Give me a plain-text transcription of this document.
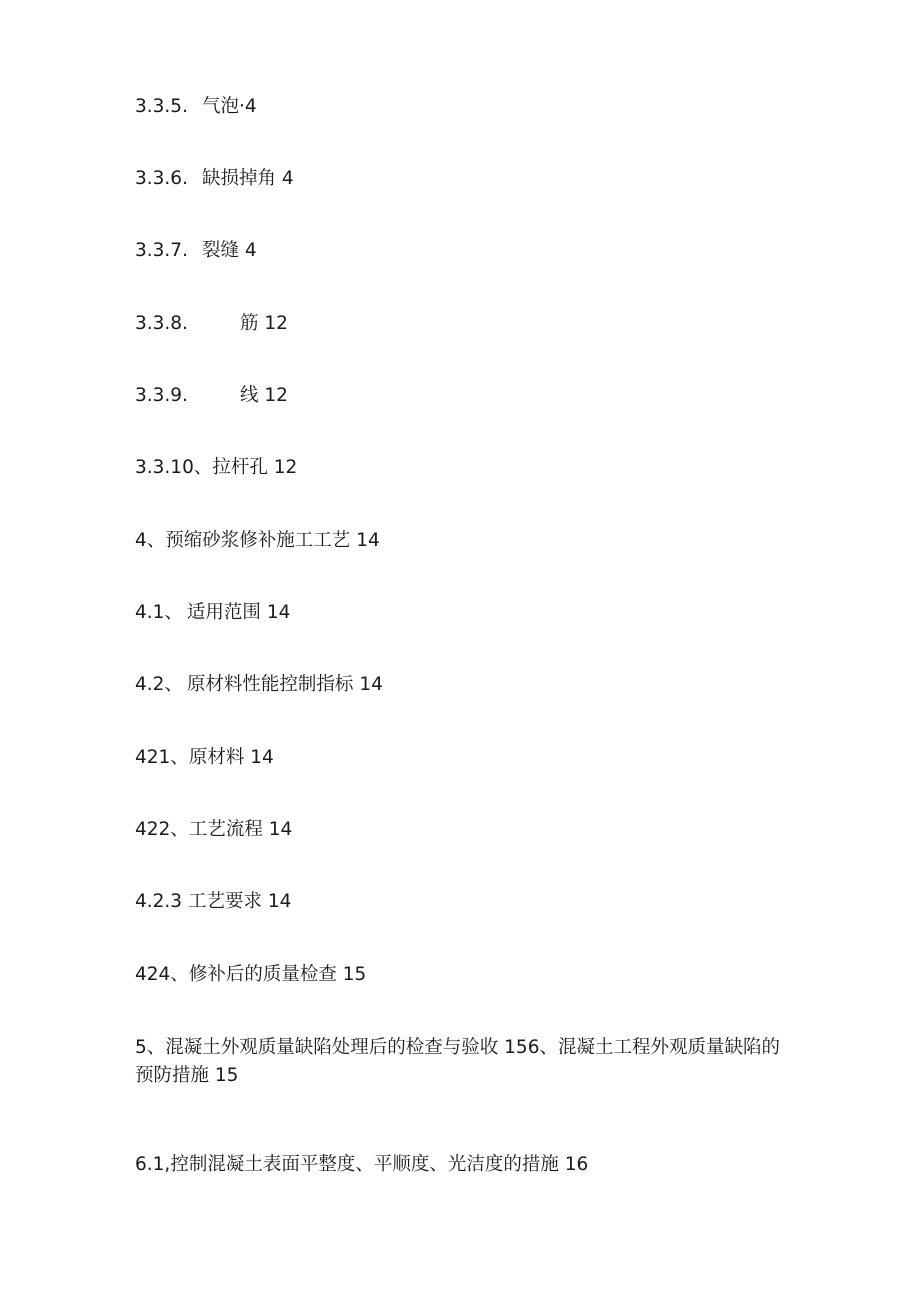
3.3.5. 气泡·4
3.3.6. 缺损掉角 4
3.3.7. 裂缝 4
3.3.8.	筋 12
3.3.9.	线 12
3.3.10、拉杆孔 12
4、预缩砂浆修补施工工艺 14
4.1、 适用范围 14
4.2、 原材料性能控制指标 14
421、原材料 14
422、工艺流程 14
4.2.3 工艺要求 14
424、修补后的质量检查 15
5、混凝土外观质量缺陷处理后的检查与验收 156、混凝土工程外观质量缺陷的预防措施 15
6.1,控制混凝土表面平整度、平顺度、光洁度的措施 16
